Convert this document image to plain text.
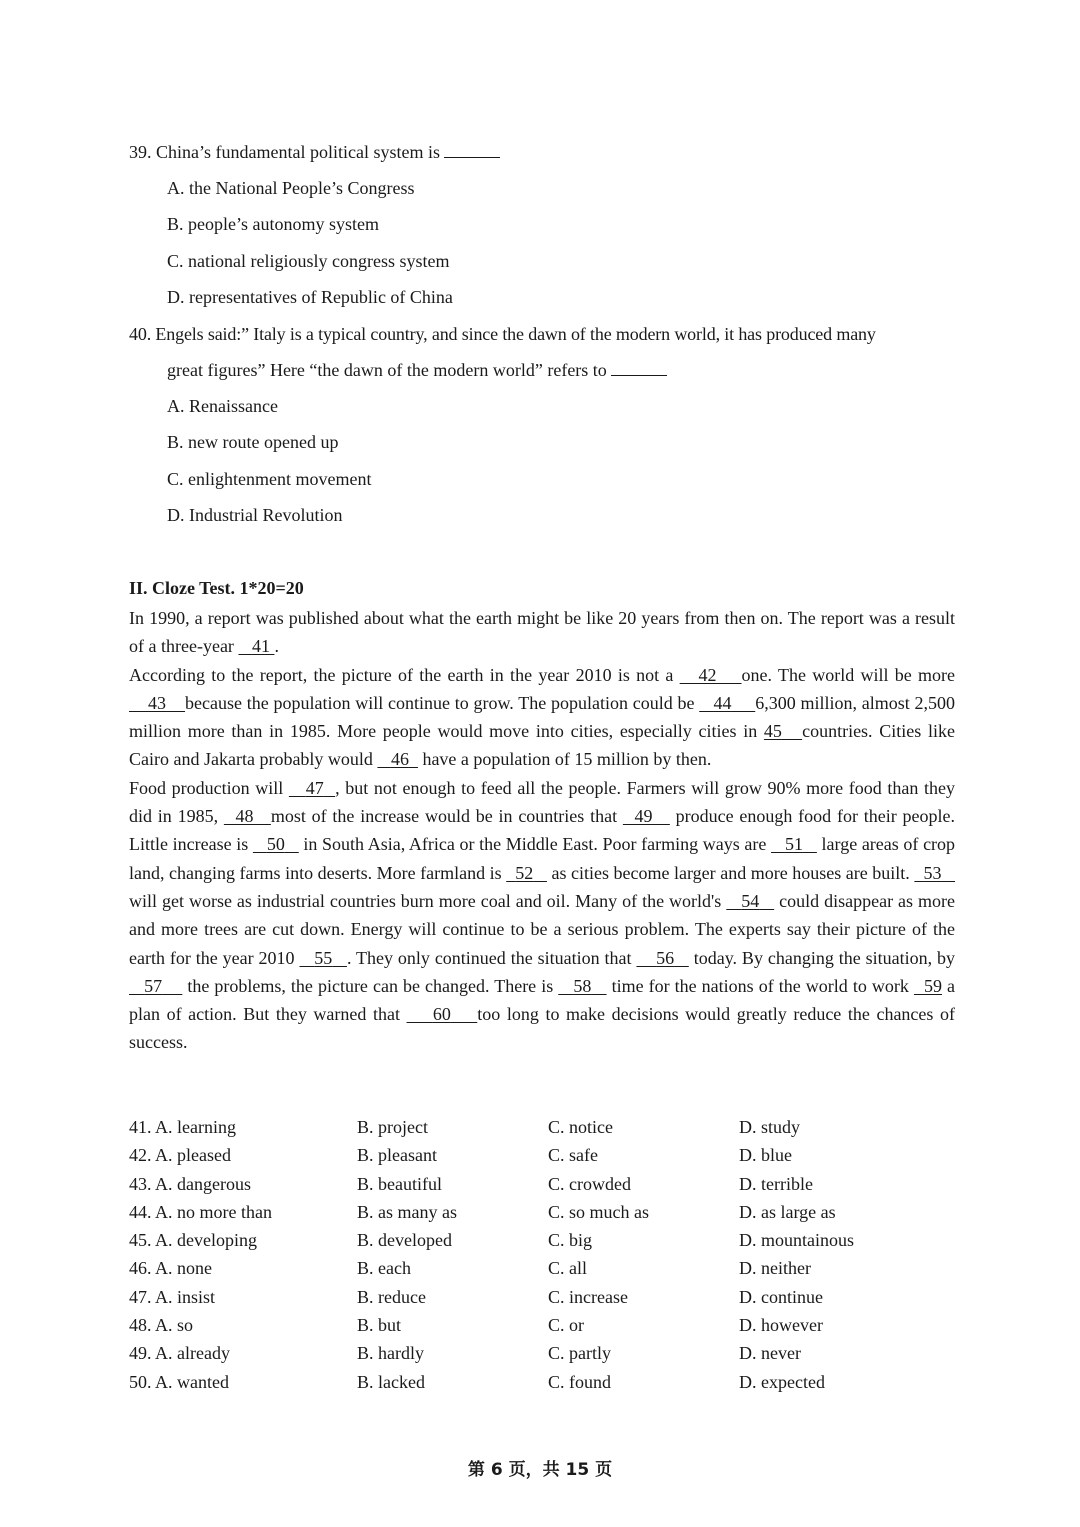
39. China’s fundamental political system is
A. the National People’s Congress
B. people’s autonomy system
C. national religiously congress system
D. representatives of Republic of China
40. Engels said:” Italy is a typical country, and since the dawn of the modern world, it has produced many
great figures” Here “the dawn of the modern world” refers to
A. Renaissance
B. new route opened up
C. enlightenment movement
D. Industrial Revolution
II. Cloze Test. 1*20=20

In 1990, a report was published about what the earth might be like 20 years from then on. The report was a result of a three-year    41 .

According to the report, the picture of the earth in the year 2010 is not a    42 one. The world will be more     43 because the population will continue to grow. The population could be    44 6,300 million, almost 2,500 million more than in 1985. More people would move into cities, especially cities in 45 countries. Cities like Cairo and Jakarta probably would    46   have a population of 15 million by then.

Food production will    47 , but not enough to feed all the people. Farmers will grow 90% more food than they did in 1985,   48 most of the increase would be in countries that   49    produce enough food for their people. Little increase is    50    in South Asia, Africa or the Middle East. Poor farming ways are    51    large areas of crop land, changing farms into deserts. More farmland is   52    as cities become larger and more houses are built.   53    will get worse as industrial countries burn more coal and oil. Many of the world's    54    could disappear as more and more trees are cut down. Energy will continue to be a serious problem. The experts say their picture of the earth for the year 2010    55 . They only continued the situation that     56    today. By changing the situation, by    57     the problems, the picture can be changed. There is    58    time for the nations of the world to work   59 a plan of action. But they warned that     60 too long to make decisions would greatly reduce the chances of success.

41. A. learning	B. project	C. notice	D. study
42. A. pleased	B. pleasant	C. safe	D. blue
43. A. dangerous	B. beautiful	C. crowded	D. terrible
44. A. no more than	B. as many as	C. so much as	D. as large as
45. A. developing	B. developed	C. big	D. mountainous
46. A. none	B. each	C. all	D. neither
47. A. insist	B. reduce	C. increase	D. continue
48. A. so	B. but	C. or	D. however
49. A. already	B. hardly	C. partly	D. never
50. A. wanted	B. lacked	C. found	D. expected
第 6 页，共 15 页
